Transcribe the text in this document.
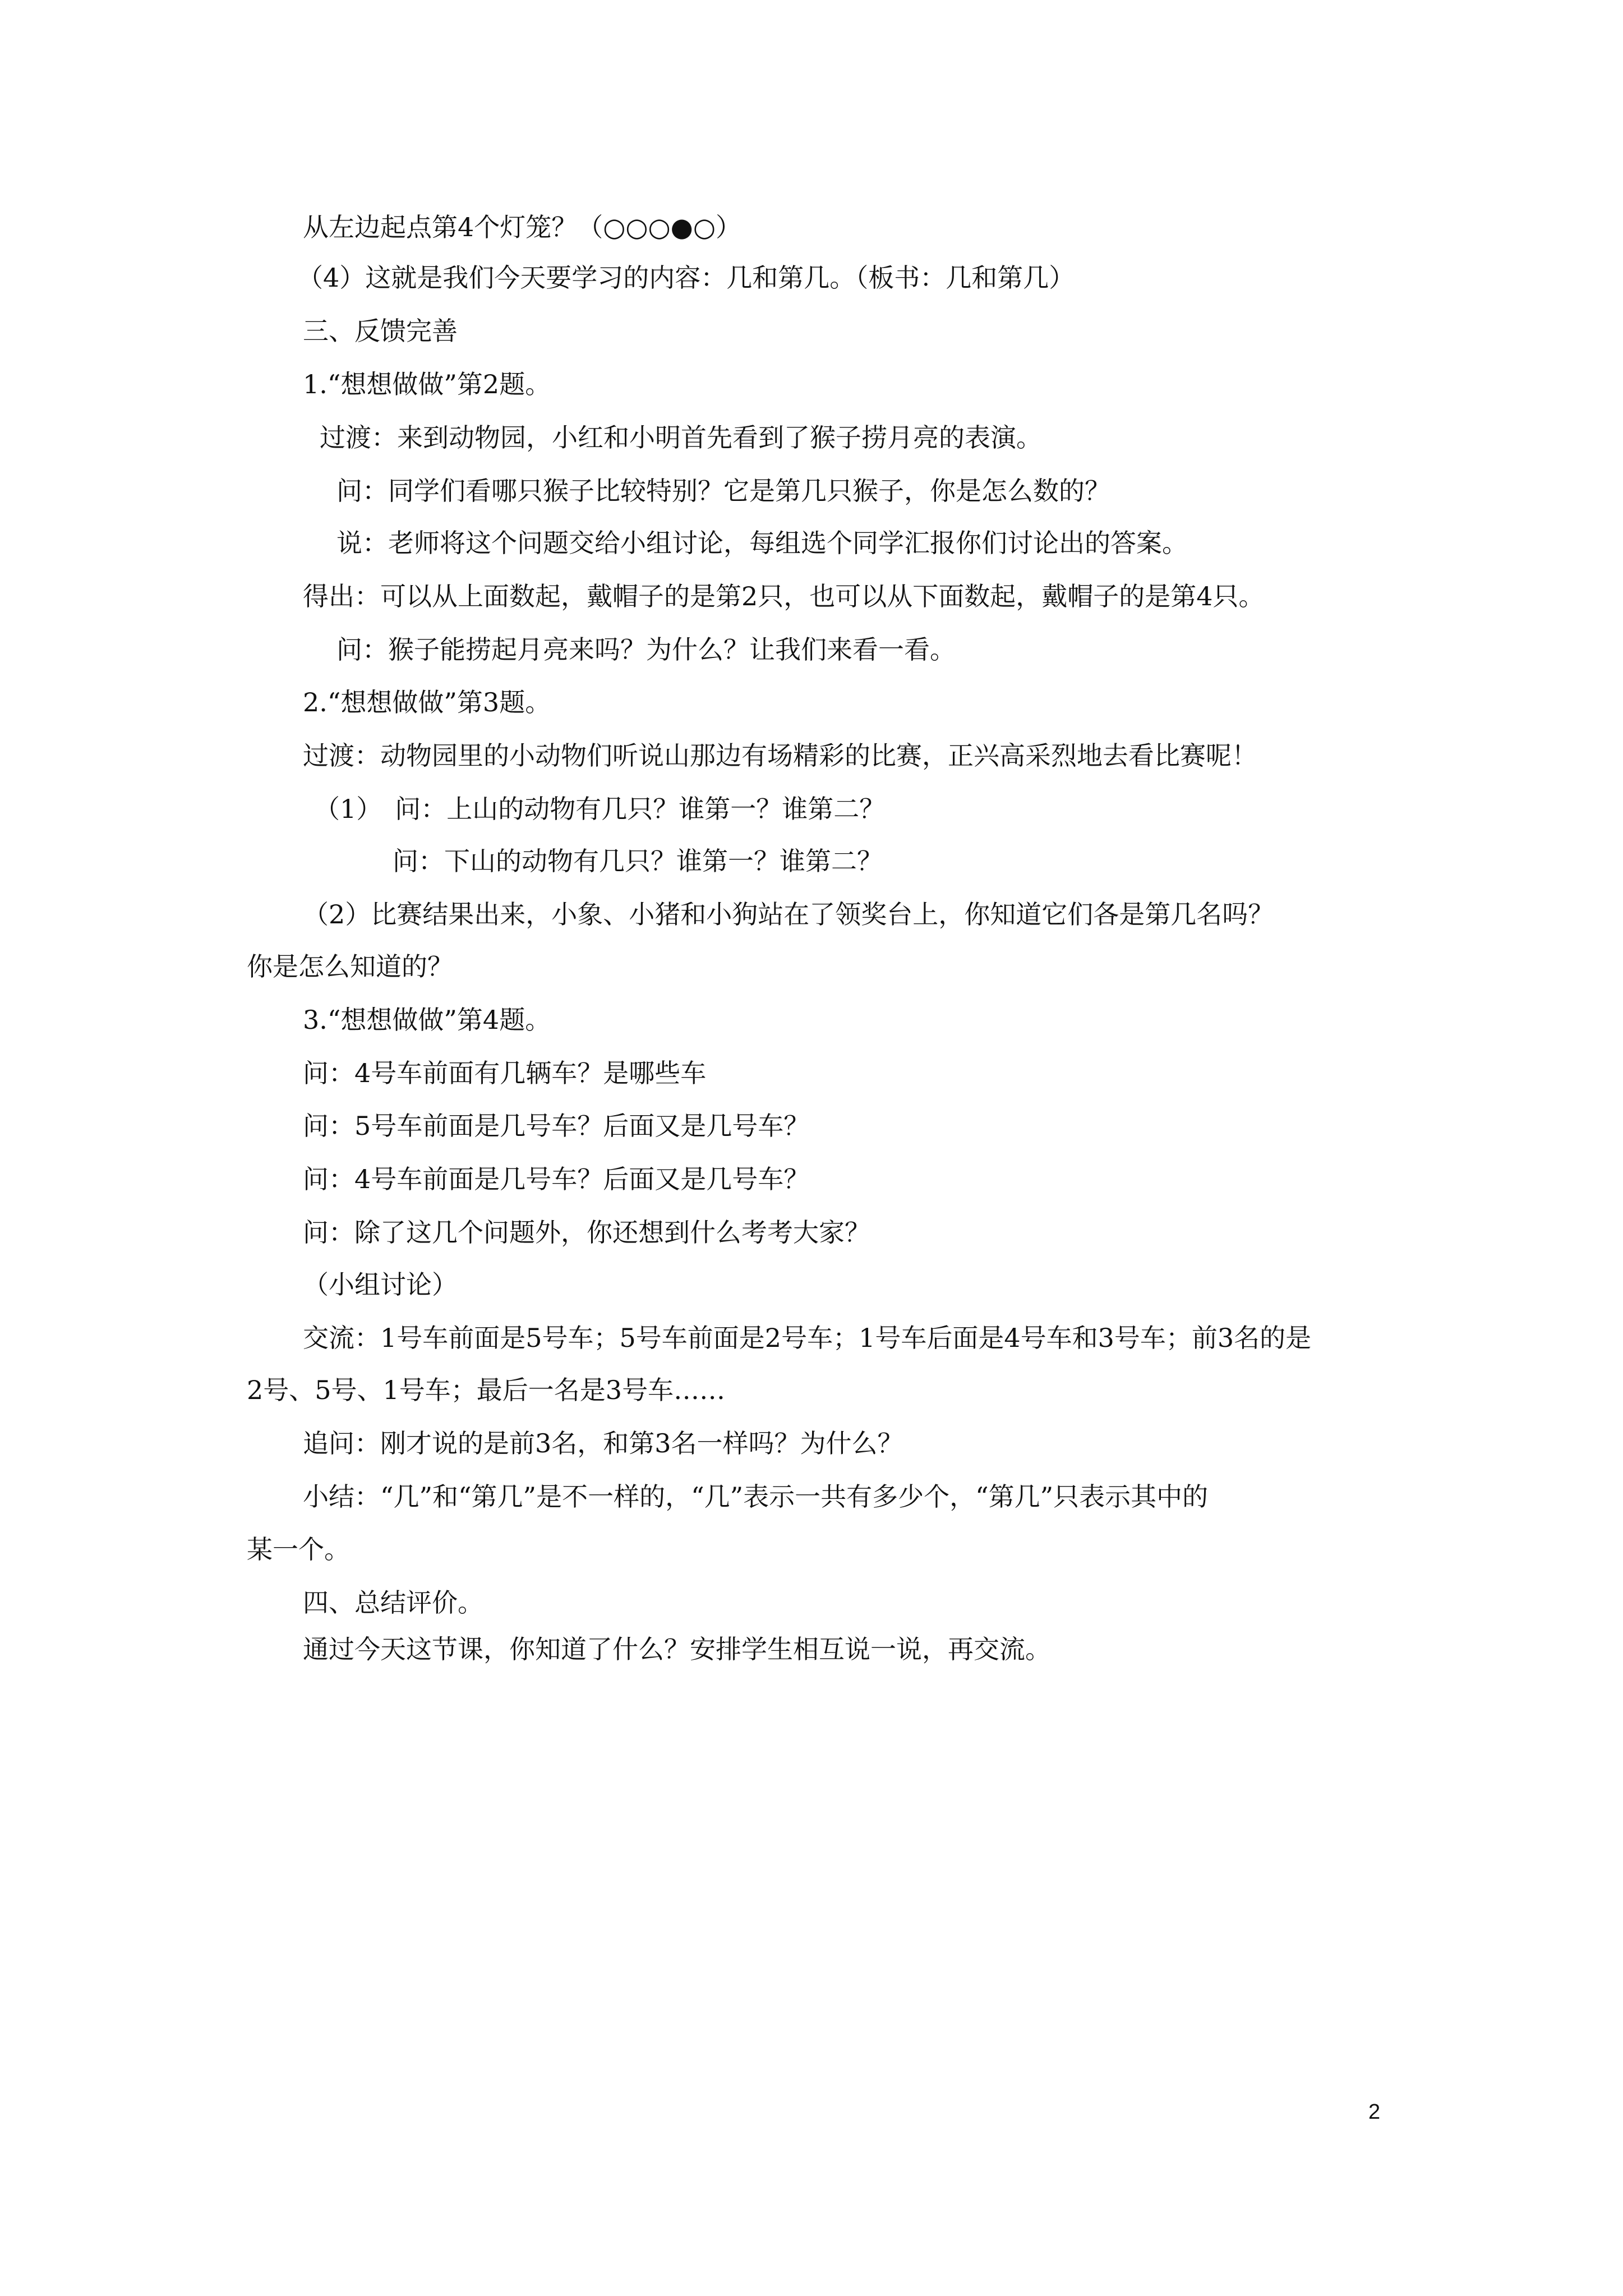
从左边起点第4个灯笼？（○○○●○）
（4）这就是我们今天要学习的内容：几和第几。（板书：几和第几）
三、反馈完善
1.“想想做做”第2题。
过渡：来到动物园，小红和小明首先看到了猴子捞月亮的表演。
问：同学们看哪只猴子比较特别？它是第几只猴子，你是怎么数的？
说：老师将这个问题交给小组讨论，每组选个同学汇报你们讨论出的答案。
得出：可以从上面数起，戴帽子的是第2只，也可以从下面数起，戴帽子的是第4只。
问：猴子能捞起月亮来吗？为什么？让我们来看一看。
2.“想想做做”第3题。
过渡：动物园里的小动物们听说山那边有场精彩的比赛，正兴高采烈地去看比赛呢！
（1）　问：上山的动物有几只？谁第一？谁第二？
问：下山的动物有几只？谁第一？谁第二？
（2）比赛结果出来，小象、小猪和小狗站在了领奖台上，你知道它们各是第几名吗？
你是怎么知道的？
3.“想想做做”第4题。
问：4号车前面有几辆车？是哪些车
问：5号车前面是几号车？后面又是几号车？
问：4号车前面是几号车？后面又是几号车？
问：除了这几个问题外，你还想到什么考考大家？
（小组讨论）
交流：1号车前面是5号车；5号车前面是2号车；1号车后面是4号车和3号车；前3名的是
2号、5号、1号车；最后一名是3号车……
追问：刚才说的是前3名，和第3名一样吗？为什么？
小结：“几”和“第几”是不一样的，“几”表示一共有多少个，“第几”只表示其中的
某一个。
四、总结评价。
通过今天这节课，你知道了什么？安排学生相互说一说，再交流。
2
